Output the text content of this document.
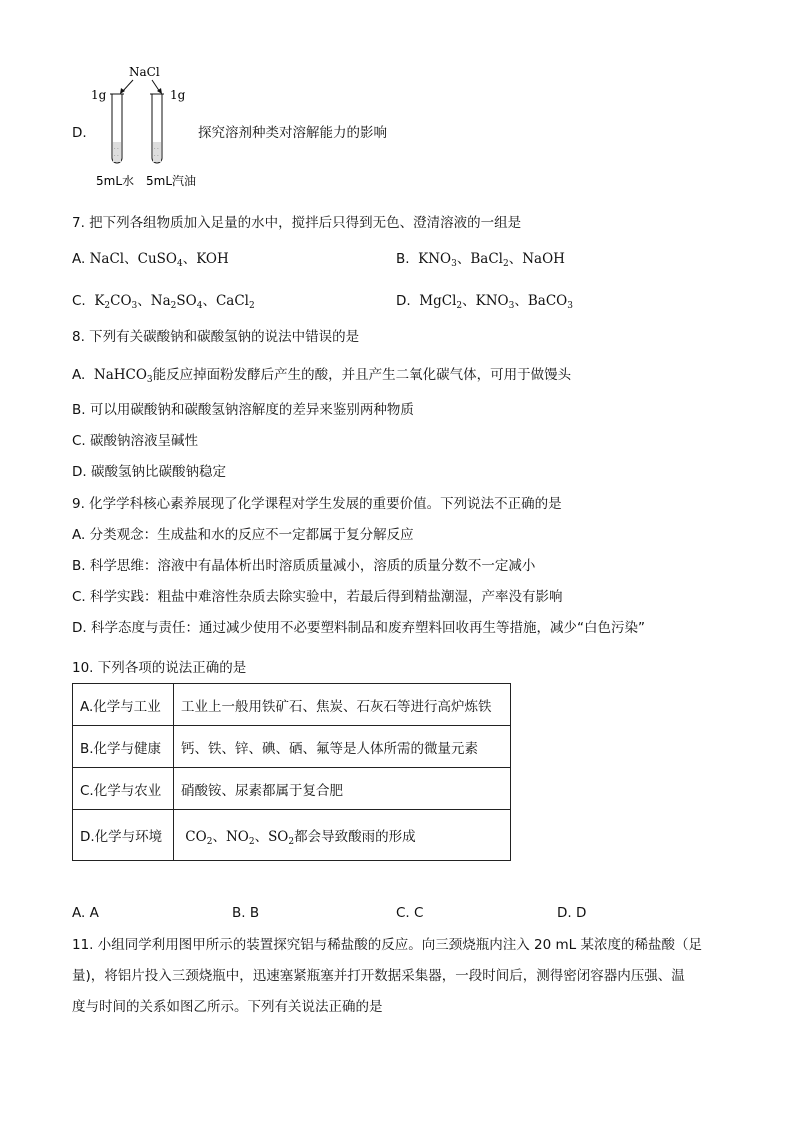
D.
NaCl
1g	1g
· ·
· ·
· ·
· ·
5mL水 5mL汽油
探究溶剂种类对溶解能力的影响
7. 把下列各组物质加入足量的水中，搅拌后只得到无色、澄清溶液的一组是
A. NaCl、CuSO$_4$、KOH	B. $KNO_3$、BaCl$_2$、NaOH
C. $K_2CO_3$、$Na_2SO_4$、CaCl$_2$	D. MgCl$_2$、$KNO_3$、BaCO$_3$
8. 下列有关碳酸钠和碳酸氢钠的说法中错误的是
A. NaHCO$_3$能反应掉面粉发酵后产生的酸，并且产生二氧化碳气体，可用于做馒头
B. 可以用碳酸钠和碳酸氢钠溶解度的差异来鉴别两种物质
C. 碳酸钠溶液呈碱性
D. 碳酸氢钠比碳酸钠稳定
9. 化学学科核心素养展现了化学课程对学生发展的重要价值。下列说法不正确的是
A. 分类观念：生成盐和水的反应不一定都属于复分解反应
B. 科学思维：溶液中有晶体析出时溶质质量减小，溶质的质量分数不一定减小
C. 科学实践：粗盐中难溶性杂质去除实验中，若最后得到精盐潮湿，产率没有影响
D. 科学态度与责任：通过减少使用不必要塑料制品和废弃塑料回收再生等措施，减少“白色污染”
10. 下列各项的说法正确的是
A.化学与工业	工业上一般用铁矿石、焦炭、石灰石等进行高炉炼铁
B.化学与健康	钙、铁、锌、碘、硒、氟等是人体所需的微量元素
C.化学与农业	硝酸铵、尿素都属于复合肥
D.化学与环境	$CO_2$、$NO_2$、$SO_2$都会导致酸雨的形成
A. A	B. B	C. C	D. D
11. 小组同学利用图甲所示的装置探究铝与稀盐酸的反应。向三颈烧瓶内注入 20 mL 某浓度的稀盐酸（足
量)，将铝片投入三颈烧瓶中，迅速塞紧瓶塞并打开数据采集器，一段时间后，测得密闭容器内压强、温
度与时间的关系如图乙所示。下列有关说法正确的是
